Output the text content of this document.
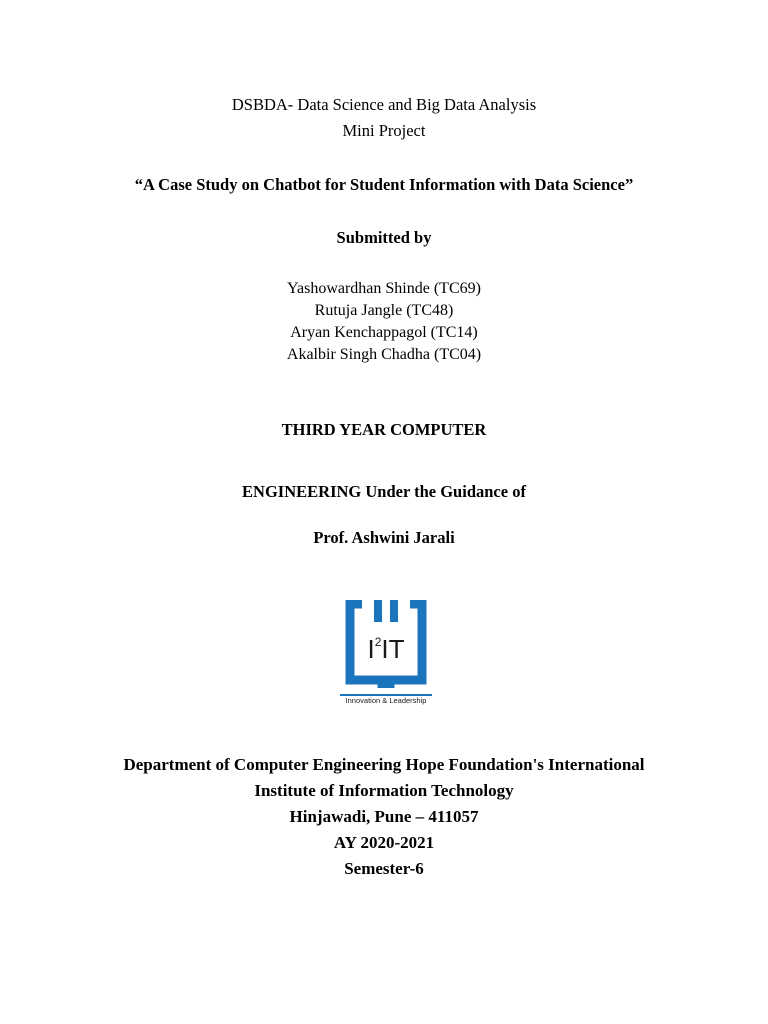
DSBDA- Data Science and Big Data Analysis
Mini Project
“A Case Study on Chatbot for Student Information with Data Science”
Submitted by
Yashowardhan Shinde (TC69)
Rutuja Jangle (TC48)
Aryan Kenchappagol (TC14)
Akalbir Singh Chadha (TC04)
THIRD YEAR COMPUTER
ENGINEERING Under the Guidance of
Prof. Ashwini Jarali
$I^2IT$
Innovation & Leadership
Department of Computer Engineering Hope Foundation's International
Institute of Information Technology
Hinjawadi, Pune – 411057
AY 2020-2021
Semester-6
